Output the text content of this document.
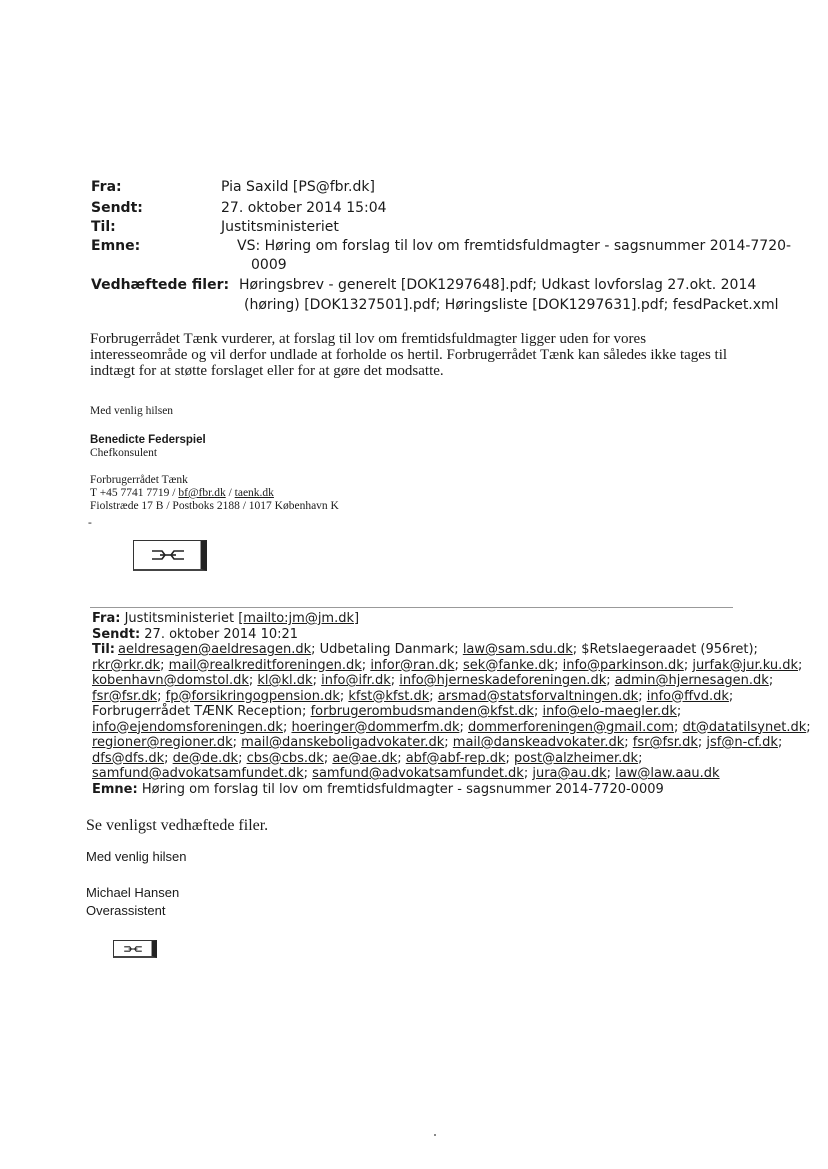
Fra:	Pia Saxild [PS@fbr.dk]
Sendt:	27. oktober 2014 15:04
Til:	Justitsministeriet
Emne:	VS: Høring om forslag til lov om fremtidsfuldmagter - sagsnummer 2014-7720-
0009
Vedhæftede filer: Høringsbrev - generelt [DOK1297648].pdf; Udkast lovforslag 27.okt. 2014
(høring) [DOK1327501].pdf; Høringsliste [DOK1297631].pdf; fesdPacket.xml
Forbrugerrådet Tænk vurderer, at forslag til lov om fremtidsfuldmagter ligger uden for vores
interesseområde og vil derfor undlade at forholde os hertil. Forbrugerrådet Tænk kan således ikke tages til
indtægt for at støtte forslaget eller for at gøre det modsatte.
Med venlig hilsen
Benedicte Federspiel
Chefkonsulent
Forbrugerrådet Tænk
T +45 7741 7719 / bf@fbr.dk / taenk.dk
Fiolstræde 17 B / Postboks 2188 / 1017 København K
-
Fra: Justitsministeriet [mailto:jm@jm.dk]
Sendt: 27. oktober 2014 10:21
Til: aeldresagen@aeldresagen.dk; Udbetaling Danmark; law@sam.sdu.dk; $Retslaegeraadet (956ret);
rkr@rkr.dk; mail@realkreditforeningen.dk; infor@ran.dk; sek@fanke.dk; info@parkinson.dk; jurfak@jur.ku.dk;
kobenhavn@domstol.dk; kl@kl.dk; info@ifr.dk; info@hjerneskadeforeningen.dk; admin@hjernesagen.dk;
fsr@fsr.dk; fp@forsikringogpension.dk; kfst@kfst.dk; arsmad@statsforvaltningen.dk; info@ffvd.dk;
Forbrugerrådet TÆNK Reception; forbrugerombudsmanden@kfst.dk; info@elo-maegler.dk;
info@ejendomsforeningen.dk; hoeringer@dommerfm.dk; dommerforeningen@gmail.com; dt@datatilsynet.dk;
regioner@regioner.dk; mail@danskeboligadvokater.dk; mail@danskeadvokater.dk; fsr@fsr.dk; jsf@n-cf.dk;
dfs@dfs.dk; de@de.dk; cbs@cbs.dk; ae@ae.dk; abf@abf-rep.dk; post@alzheimer.dk;
samfund@advokatsamfundet.dk; samfund@advokatsamfundet.dk; jura@au.dk; law@law.aau.dk
Emne: Høring om forslag til lov om fremtidsfuldmagter - sagsnummer 2014-7720-0009
Se venligst vedhæftede filer.
Med venlig hilsen
Michael Hansen
Overassistent
